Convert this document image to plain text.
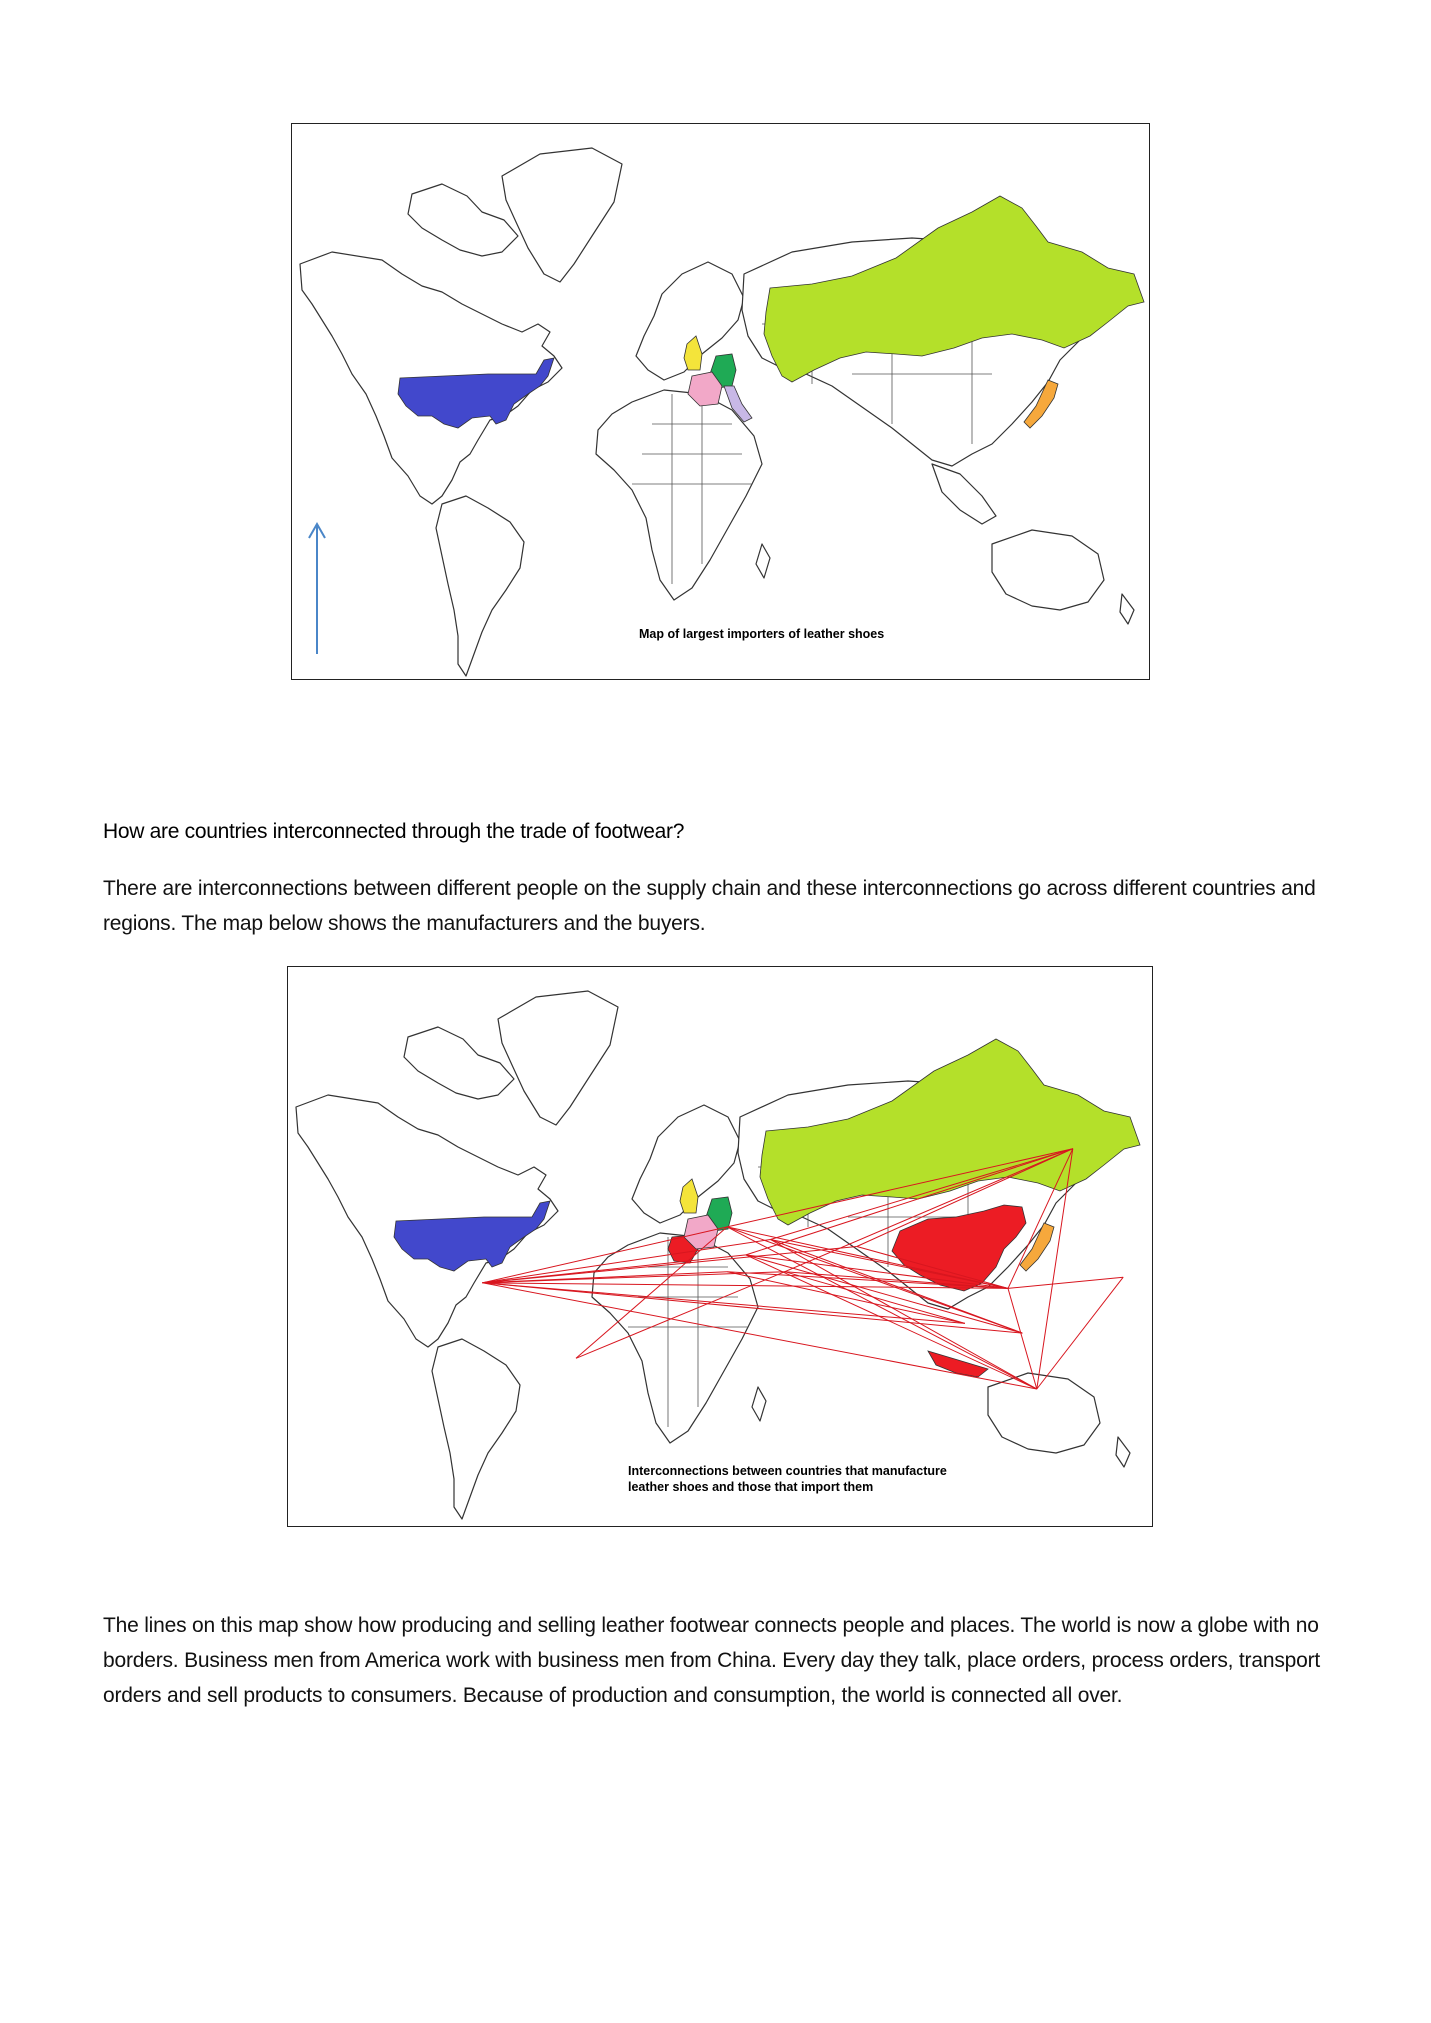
Map of largest importers of leather shoes
How are countries interconnected through the trade of footwear?
There are interconnections between different people on the supply chain and these interconnections go across different countries and regions. The map below shows the manufacturers and the buyers.
Interconnections between countries that manufacture leather shoes and those that import them
The lines on this map show how producing and selling leather footwear connects people and places. The world is now a globe with no borders. Business men from America work with business men from China. Every day they talk, place orders, process orders, transport orders and sell products to consumers. Because of production and consumption, the world is connected all over.
